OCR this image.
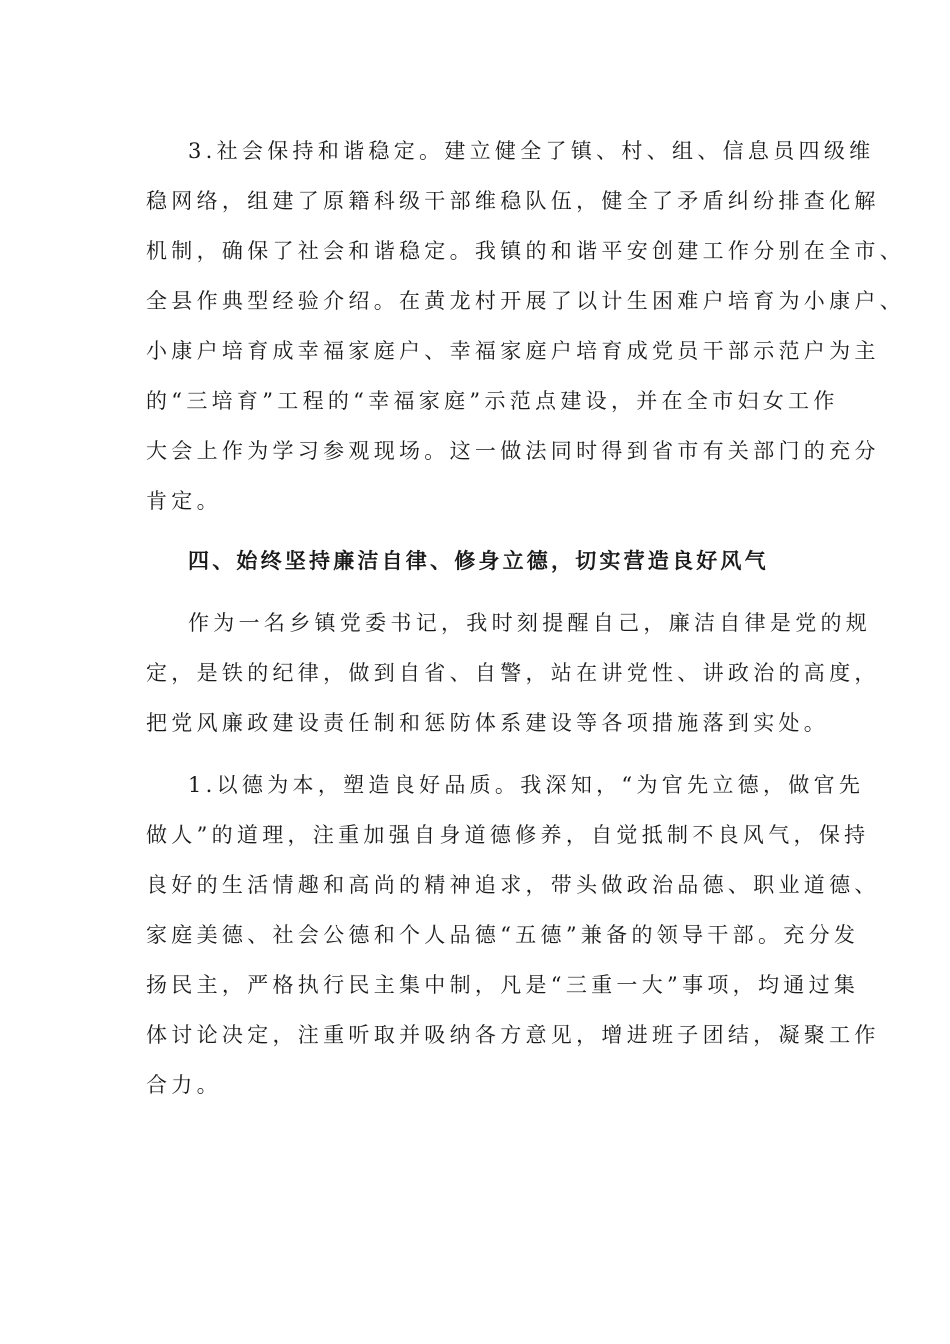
3.社会保持和谐稳定。建立健全了镇、村、组、信息员四级维
稳网络，组建了原籍科级干部维稳队伍，健全了矛盾纠纷排查化解
机制，确保了社会和谐稳定。我镇的和谐平安创建工作分别在全市、
全县作典型经验介绍。在黄龙村开展了以计生困难户培育为小康户、
小康户培育成幸福家庭户、幸福家庭户培育成党员干部示范户为主
的“三培育”工程的“幸福家庭”示范点建设，并在全市妇女工作
大会上作为学习参观现场。这一做法同时得到省市有关部门的充分
肯定。
四、始终坚持廉洁自律、修身立德，切实营造良好风气
作为一名乡镇党委书记，我时刻提醒自己，廉洁自律是党的规
定，是铁的纪律，做到自省、自警，站在讲党性、讲政治的高度，
把党风廉政建设责任制和惩防体系建设等各项措施落到实处。
1.以德为本，塑造良好品质。我深知，“为官先立德，做官先
做人”的道理，注重加强自身道德修养，自觉抵制不良风气，保持
良好的生活情趣和高尚的精神追求，带头做政治品德、职业道德、
家庭美德、社会公德和个人品德“五德”兼备的领导干部。充分发
扬民主，严格执行民主集中制，凡是“三重一大”事项，均通过集
体讨论决定，注重听取并吸纳各方意见，增进班子团结，凝聚工作
合力。
